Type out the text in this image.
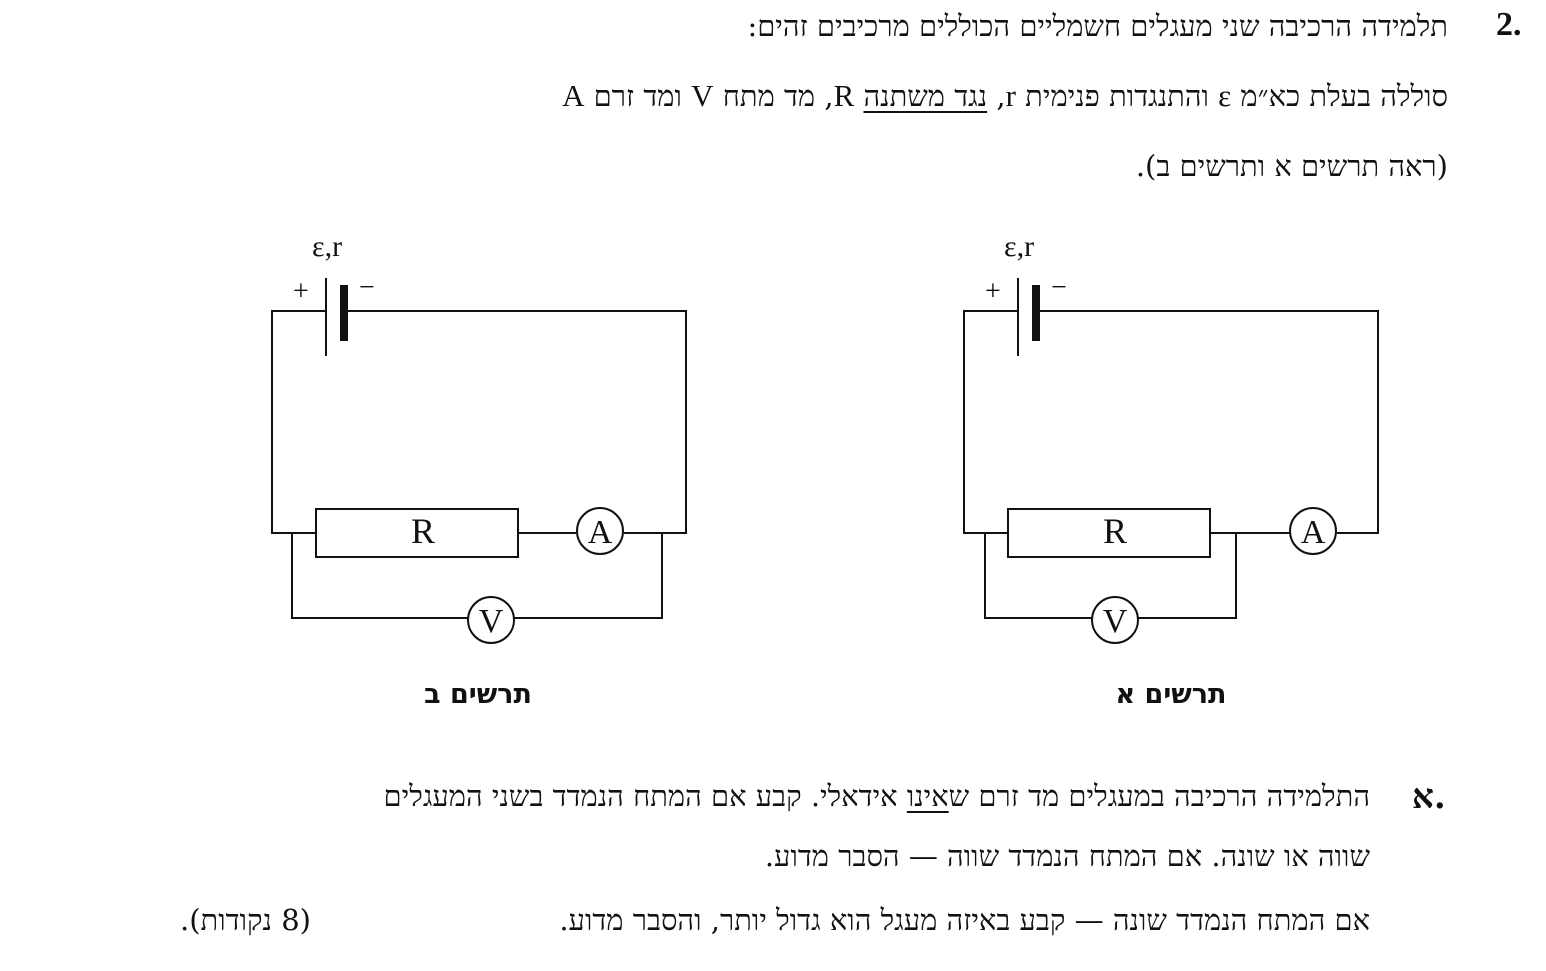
2.
תלמידה הרכיבה שני מעגלים חשמליים הכוללים מרכיבים זהים:
סוללה בעלת כא״מ ε והתנגדות פנימית r, נגד משתנה R, מד מתח V ומד זרם A
(ראה תרשים א ותרשים ב).
ε,r
+ −
R	A
V
תרשים ב
ε,r
+ −
R	A
V
תרשים א
א.
התלמידה הרכיבה במעגלים מד זרם שאינו אידאלי. קבע אם המתח הנמדד בשני המעגלים
שווה או שונה. אם המתח הנמדד שווה — הסבר מדוע.
אם המתח הנמדד שונה — קבע באיזה מעגל הוא גדול יותר, והסבר מדוע.
(8 נקודות).
